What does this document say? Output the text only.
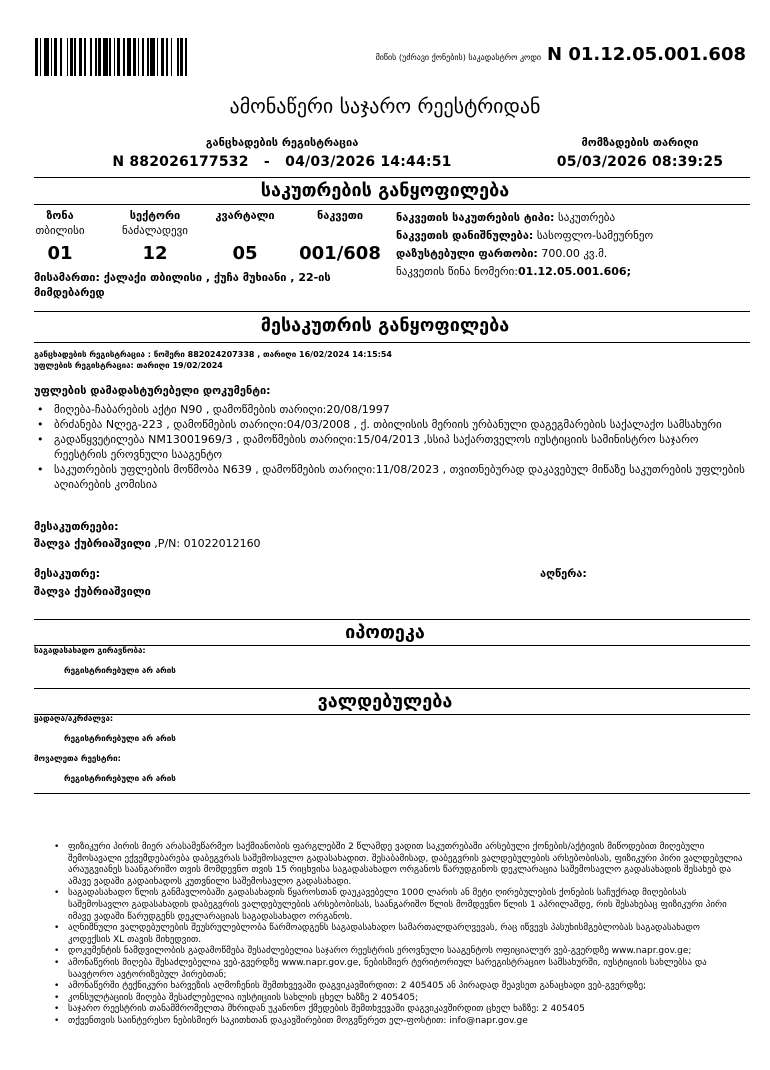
მიწის (უძრავი ქონების) საკადასტრო კოდი N 01.12.05.001.608
ამონაწერი საჯარო რეესტრიდან
განცხადების რეგისტრაცია
N 882026177532 - 04/03/2026 14:44:51
მომზადების თარიღი
05/03/2026 08:39:25
საკუთრების განყოფილება
ზონა
თბილისი
01
სექტორი
ნაძალადევი
12
კვარტალი
05
ნაკვეთი
001/608
მისამართი: ქალაქი თბილისი , ქუჩა მუხიანი , 22-ის მიმდებარედ
ნაკვეთის საკუთრების ტიპი: საკუთრება
ნაკვეთის დანიშნულება: სასოფლო-სამეურნეო
დაზუსტებული ფართობი: 700.00 კვ.მ.
ნაკვეთის წინა ნომერი:01.12.05.001.606;
მესაკუთრის განყოფილება
განცხადების რეგისტრაცია : ნომერი 882024207338 , თარიღი 16/02/2024 14:15:54
უფლების რეგისტრაცია: თარიღი 19/02/2024
უფლების დამადასტურებელი დოკუმენტი:
• მიღება-ჩაბარების აქტი N90 , დამოწმების თარიღი:20/08/1997
• ბრძანება Nლეგ-223 , დამოწმების თარიღი:04/03/2008 , ქ. თბილისის მერიის ურბანული დაგეგმარების საქალაქო სამსახური
• გადაწყვეტილება NM13001969/3 , დამოწმების თარიღი:15/04/2013 ,სსიპ საქართველოს იუსტიციის სამინისტრო საჯარო რეესტრის ეროვნული სააგენტო
• საკუთრების უფლების მოწმობა N639 , დამოწმების თარიღი:11/08/2023 , თვითნებურად დაკავებულ მიწაზე საკუთრების უფლების აღიარების კომისია
მესაკუთრეები:
შალვა ქუბრიაშვილი ,P/N: 01022012160
მესაკუთრე:
შალვა ქუბრიაშვილი
აღწერა:
იპოთეკა
საგადასახადო გირავნობა:
რეგისტრირებული არ არის
ვალდებულება
ყადაღა/აკრძალვა:
რეგისტრირებული არ არის
მოვალეთა რეესტრი:
რეგისტრირებული არ არის
• ფიზიკური პირის მიერ არასამეწარმეო საქმიანობის ფარგლებში 2 წლამდე ვადით საკუთრებაში არსებული ქონების/აქტივის მიწოდებით მიღებული შემოსავალი ექვემდებარება დაბეგვრას საშემოსავლო გადასახადით. შესაბამისად, დაბეგვრის ვალდებულების არსებობისას, ფიზიკური პირი ვალდებულია არაუგვიანეს საანგარიშო თვის მომდევნო თვის 15 რიცხვისა საგადასახადო ორგანოს წარუდგინოს დეკლარაცია საშემოსავლო გადასახადის შესახებ და ამავე ვადაში გადაიხადოს კუთვნილი საშემოსავლო გადასახადი.
• საგადასახადო წლის განმავლობაში გადასახადის წყაროსთან დაუკავებელი 1000 ლარის ან მეტი ღირებულების ქონების საჩუქრად მიღებისას საშემოსავლო გადასახადის დაბეგვრის ვალდებულების არსებობისას, საანგარიშო წლის მომდევნო წლის 1 აპრილამდე, რის შესახებაც ფიზიკური პირი იმავე ვადაში წარუდგენს დეკლარაციას საგადასახადო ორგანოს.
• აღნიშნული ვალდებულების შეუსრულებლობა წარმოადგენს საგადასახადო სამართალდარღვევას, რაც იწვევს პასუხისმგებლობას საგადასახადო კოდექსის XL თავის მიხედვით.
• დოკუმენტის ნამდვილობის გადამოწმება შესაძლებელია საჯარო რეესტრის ეროვნული სააგენტოს ოფიციალურ ვებ-გვერდზე www.napr.gov.ge;
• ამონაწერის მიღება შესაძლებელია ვებ-გვერდზე www.napr.gov.ge, ნებისმიერ ტერიტორიულ სარეგისტრაციო სამსახურში, იუსტიციის სახლებსა და საავტორო ავტორიზებულ პირებთან;
• ამონაწერში ტექნიკური ხარვეზის აღმოჩენის შემთხვევაში დაგვიკავშირდით: 2 405405 ან პირადად შეავსეთ განაცხადი ვებ-გვერდზე;
• კონსულტაციის მიღება შესაძლებელია იუსტიციის სახლის ცხელ ხაზზე 2 405405;
• საჯარო რეესტრის თანამშრომელთა მხრიდან უკანონო ქმედების შემთხვევაში დაგვიკავშირდით ცხელ ხაზზე: 2 405405
• თქვენთვის საინტერესო ნებისმიერ საკითხთან დაკავშირებით მოგვწერეთ ელ-ფოსტით: info@napr.gov.ge
